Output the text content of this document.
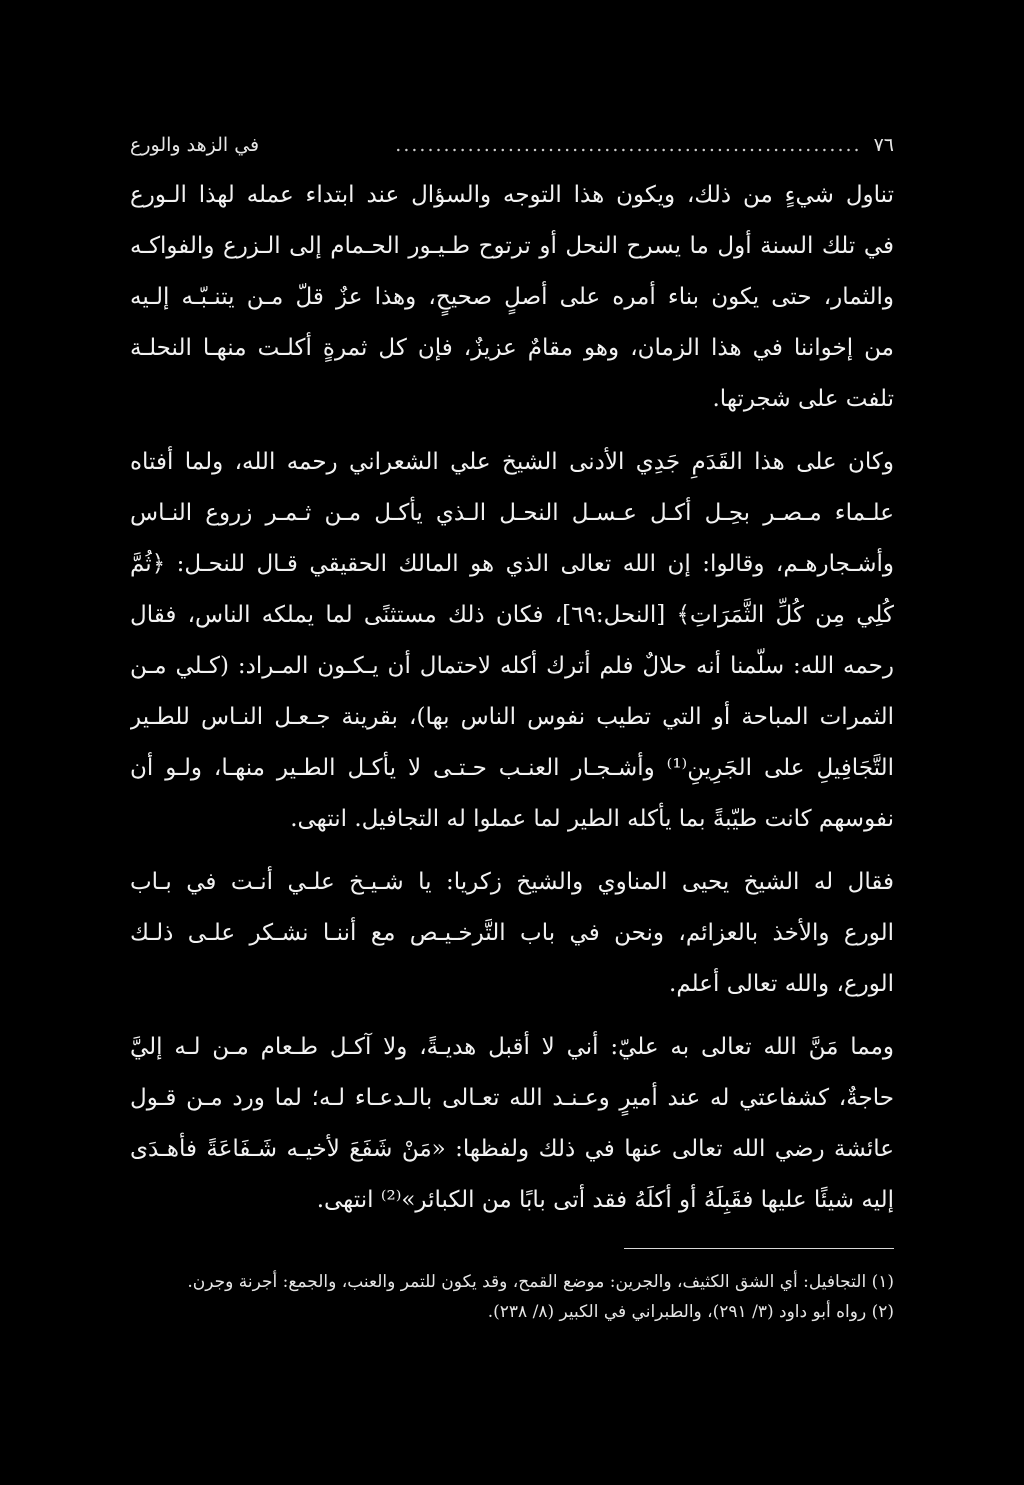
٧٦
..........................................................
في الزهد والورع
تناول شيءٍ من ذلك، ويكون هذا التوجه والسؤال عند ابتداء عمله لهذا الـورع
في تلك السنة أول ما يسرح النحل أو ترتوح طـيـور الحـمام إلى الـزرع والفواكـه
والثمار، حتى يكون بناء أمره على أصلٍ صحيحٍ، وهذا عزٌ قلّ مـن يتنـبّـه إلـيه
من إخواننا في هذا الزمان، وهو مقامٌ عزيزٌ، فإن كل ثمرةٍ أكلـت منهـا النحلـة
تلفت على شجرتها.
وكان على هذا القَدَمِ جَدِي الأدنى الشيخ علي الشعراني رحمه الله، ولما أفتاه
علـماء مـصـر بحِـل أكـل عـسـل النحـل الـذي يأكـل مـن ثـمـر زروع النـاس
وأشـجارهـم، وقالوا: إن الله تعالى الذي هو المالك الحقيقي قـال للنحـل: ﴿ثُمَّ
كُلِي مِن كُلِّ الثَّمَرَاتِ﴾ [النحل:٦٩]، فكان ذلك مستثنًى لما يملكه الناس، فقال
رحمه الله: سلّمنا أنه حلالٌ فلم أترك أكله لاحتمال أن يـكـون المـراد: (كـلي مـن
الثمرات المباحة أو التي تطيب نفوس الناس بها)، بقرينة جـعـل النـاس للطـير
التَّجَافِيلِ على الجَرِينِ⁽¹⁾ وأشـجـار العنـب حـتـى لا يأكـل الطـير منهـا، ولـو أن
نفوسهم كانت طيّبةً بما يأكله الطير لما عملوا له التجافيل. انتهى.
فقال له الشيخ يحيى المناوي والشيخ زكريا: يا شـيـخ علـي أنـت في بـاب
الورع والأخذ بالعزائم، ونحن في باب التَّرخـيـص مع أننـا نشـكر علـى ذلـك
الورع، والله تعالى أعلم.
ومما مَنَّ الله تعالى به عليّ: أني لا أقبل هديـةً، ولا آكـل طـعام مـن لـه إليَّ
حاجةٌ، كشفاعتي له عند أميرٍ وعـنـد الله تعـالى بالـدعـاء لـه؛ لما ورد مـن قـول
عائشة رضي الله تعالى عنها في ذلك ولفظها: «مَنْ شَفَعَ لأخيـه شَـفَاعَةً فأهـدَى
إليه شيئًا عليها فقَبِلَهُ أو أكلَهُ فقد أتى بابًا من الكبائر»⁽²⁾ انتهى.
(١) التجافيل: أي الشق الكثيف، والجرين: موضع القمح، وقد يكون للتمر والعنب، والجمع: أجرنة وجرن.
(٢) رواه أبو داود (٣/ ٢٩١)، والطبراني في الكبير (٨/ ٢٣٨).
